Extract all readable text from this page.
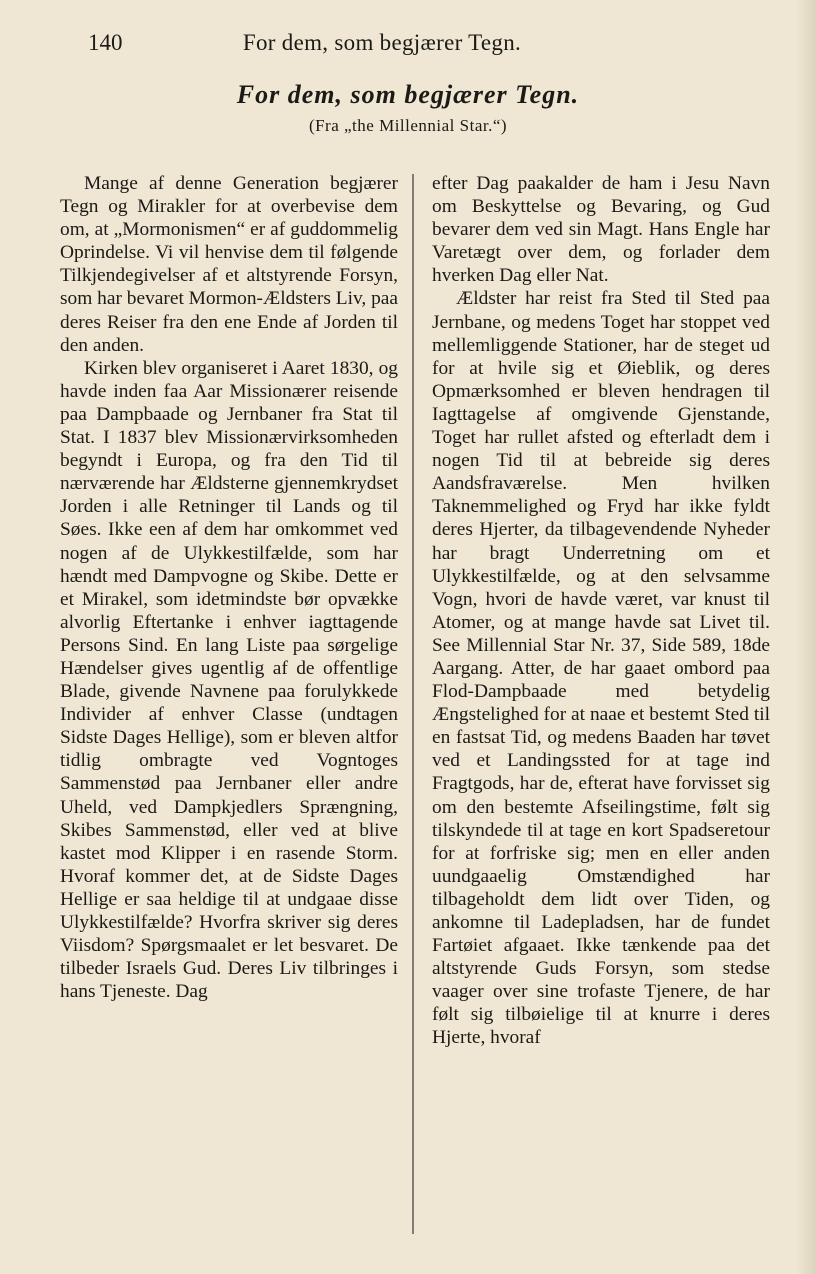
140	For dem, som begjærer Tegn.
For dem, som begjærer Tegn.
(Fra „the Millennial Star.“)

Mange af denne Generation begjærer Tegn og Mirakler for at overbevise dem om, at „Mormonismen“ er af guddommelig Oprindelse. Vi vil henvise dem til følgende Tilkjendegivelser af et altstyrende Forsyn, som har bevaret Mormon-Ældsters Liv, paa deres Reiser fra den ene Ende af Jorden til den anden.

Kirken blev organiseret i Aaret 1830, og havde inden faa Aar Missionærer reisende paa Dampbaade og Jernbaner fra Stat til Stat. I 1837 blev Missionærvirksomheden begyndt i Europa, og fra den Tid til nærværende har Ældsterne gjennemkrydset Jorden i alle Retninger til Lands og til Søes. Ikke een af dem har omkommet ved nogen af de Ulykkestilfælde, som har hændt med Dampvogne og Skibe. Dette er et Mirakel, som idetmindste bør opvække alvorlig Eftertanke i enhver iagttagende Persons Sind. En lang Liste paa sørgelige Hændelser gives ugentlig af de offentlige Blade, givende Navnene paa forulykkede Individer af enhver Classe (undtagen Sidste Dages Hellige), som er bleven altfor tidlig ombragte ved Vogntoges Sammenstød paa Jernbaner eller andre Uheld, ved Dampkjedlers Sprængning, Skibes Sammenstød, eller ved at blive kastet mod Klipper i en rasende Storm. Hvoraf kommer det, at de Sidste Dages Hellige er saa heldige til at undgaae disse Ulykkestilfælde? Hvorfra skriver sig deres Viisdom? Spørgsmaalet er let besvaret. De tilbeder Israels Gud. Deres Liv tilbringes i hans Tjeneste. Dag

efter Dag paakalder de ham i Jesu Navn om Beskyttelse og Bevaring, og Gud bevarer dem ved sin Magt. Hans Engle har Varetægt over dem, og forlader dem hverken Dag eller Nat.

Ældster har reist fra Sted til Sted paa Jernbane, og medens Toget har stoppet ved mellemliggende Stationer, har de steget ud for at hvile sig et Øieblik, og deres Opmærksomhed er bleven hendragen til Iagttagelse af omgivende Gjenstande, Toget har rullet afsted og efterladt dem i nogen Tid til at bebreide sig deres Aandsfraværelse. Men hvilken Taknemmelighed og Fryd har ikke fyldt deres Hjerter, da tilbagevendende Nyheder har bragt Underretning om et Ulykkestilfælde, og at den selvsamme Vogn, hvori de havde været, var knust til Atomer, og at mange havde sat Livet til. See Millennial Star Nr. 37, Side 589, 18de Aargang. Atter, de har gaaet ombord paa Flod-Dampbaade med betydelig Ængstelighed for at naae et bestemt Sted til en fastsat Tid, og medens Baaden har tøvet ved et Landingssted for at tage ind Fragtgods, har de, efterat have forvisset sig om den bestemte Afseilingstime, følt sig tilskyndede til at tage en kort Spadseretour for at forfriske sig; men en eller anden uundgaaelig Omstændighed har tilbageholdt dem lidt over Tiden, og ankomne til Ladepladsen, har de fundet Fartøiet afgaaet. Ikke tænkende paa det altstyrende Guds Forsyn, som stedse vaager over sine trofaste Tjenere, de har følt sig tilbøielige til at knurre i deres Hjerte, hvoraf
